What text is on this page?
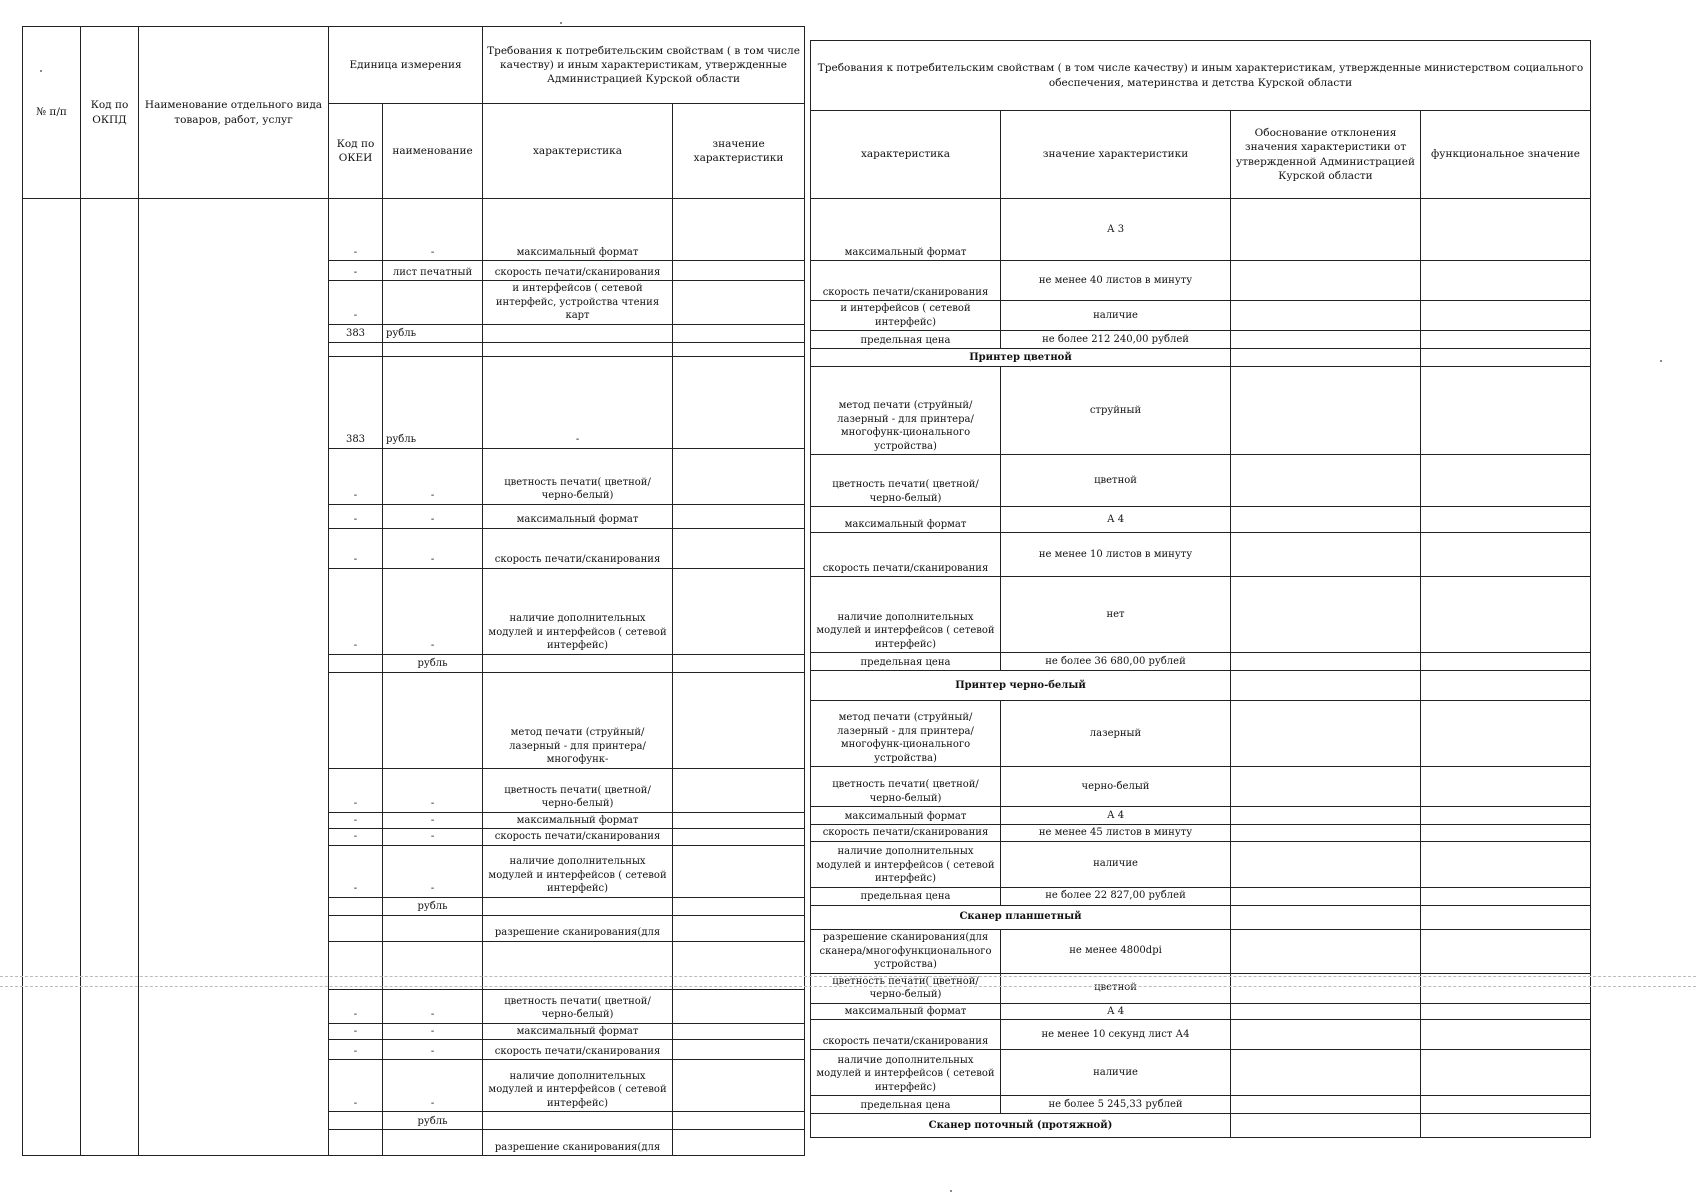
№ п/п	Код по ОКПД	Наименование отдельного вида товаров, работ, услуг	Единица измерения		Требования к потребительским свойствам ( в том числе качеству) и иным характеристикам, утвержденные Администрацией Курской области	
			Код по ОКЕИ	наименование	характеристика	значение характеристики
			-	-	максимальный формат	
			-	лист печатный	скорость печати/сканирования	
			-		и интерфейсов ( сетевой интерфейс, устройства чтения карт	
			383	рубль		

			383	рубль	-	
			-	-	цветность печати( цветной/ черно-белый)	
			-	-	максимальный формат	
			-	-	скорость печати/сканирования	
			-	-	наличие дополнительных модулей и интерфейсов ( сетевой интерфейс)	
				рубль		
					метод печати (струйный/лазерный - для принтера/многофунк-	
			-	-	цветность печати( цветной/ черно-белый)	
			-	-	максимальный формат	
			-	-	скорость печати/сканирования	
			-	-	наличие дополнительных модулей и интерфейсов ( сетевой интерфейс)	
				рубль		
					разрешение сканирования(для	

			-	-	цветность печати( цветной/ черно-белый)	
			-	-	максимальный формат	
			-	-	скорость печати/сканирования	
			-	-	наличие дополнительных модулей и интерфейсов ( сетевой интерфейс)	
				рубль		
					разрешение сканирования(для	
Требования к потребительским свойствам ( в том числе качеству) и иным характеристикам, утвержденные министерством социального обеспечения, материнства и детства Курской области			
характеристика	значение характеристики	Обоснование отклонения значения характеристики от утвержденной Администрацией Курской области	функциональное значение
максимальный формат	А 3		
скорость печати/сканирования	не менее 40 листов в минуту		
и интерфейсов ( сетевой интерфейс)	наличие		
предельная цена	не более 212 240,00 рублей		
Принтер цветной			
метод печати (струйный/лазерный - для принтера/многофунк-ционального устройства)	струйный		
цветность печати( цветной/ черно-белый)	цветной		
максимальный формат	А 4		
скорость печати/сканирования	не менее 10 листов в минуту		
наличие дополнительных модулей и интерфейсов ( сетевой интерфейс)	нет		
предельная цена	не более 36 680,00 рублей		
Принтер черно-белый			
метод печати (струйный/лазерный - для принтера/многофунк-ционального устройства)	лазерный		
цветность печати( цветной/ черно-белый)	черно-белый		
максимальный формат	А 4		
скорость печати/сканирования	не менее 45 листов в минуту		
наличие дополнительных модулей и интерфейсов ( сетевой интерфейс)	наличие		
предельная цена	не более 22 827,00 рублей		
Сканер планшетный			
разрешение сканирования(для сканера/многофункционального устройства)	не менее 4800dpi		
цветность печати( цветной/ черно-белый)	цветной		
максимальный формат	А 4		
скорость печати/сканирования	не менее 10 секунд лист А4		
наличие дополнительных модулей и интерфейсов ( сетевой интерфейс)	наличие		
предельная цена	не более 5 245,33 рублей		
Сканер поточный (протяжной)			
